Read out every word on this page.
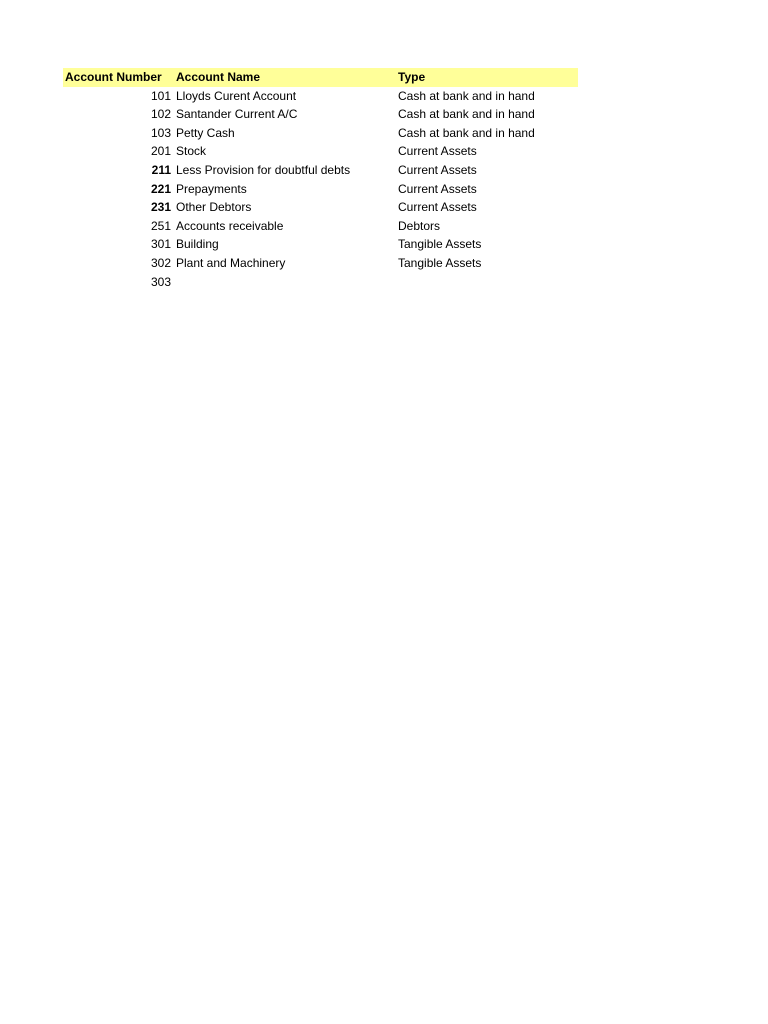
Account Number	Account Name	Type
101	Lloyds Curent Account	Cash at bank and in hand
102	Santander Current A/C	Cash at bank and in hand
103	Petty Cash	Cash at bank and in hand
201	Stock	Current Assets
211	Less Provision for doubtful debts	Current Assets
221	Prepayments	Current Assets
231	Other Debtors	Current Assets
251	Accounts receivable	Debtors
301	Building	Tangible Assets
302	Plant and Machinery	Tangible Assets
303		
